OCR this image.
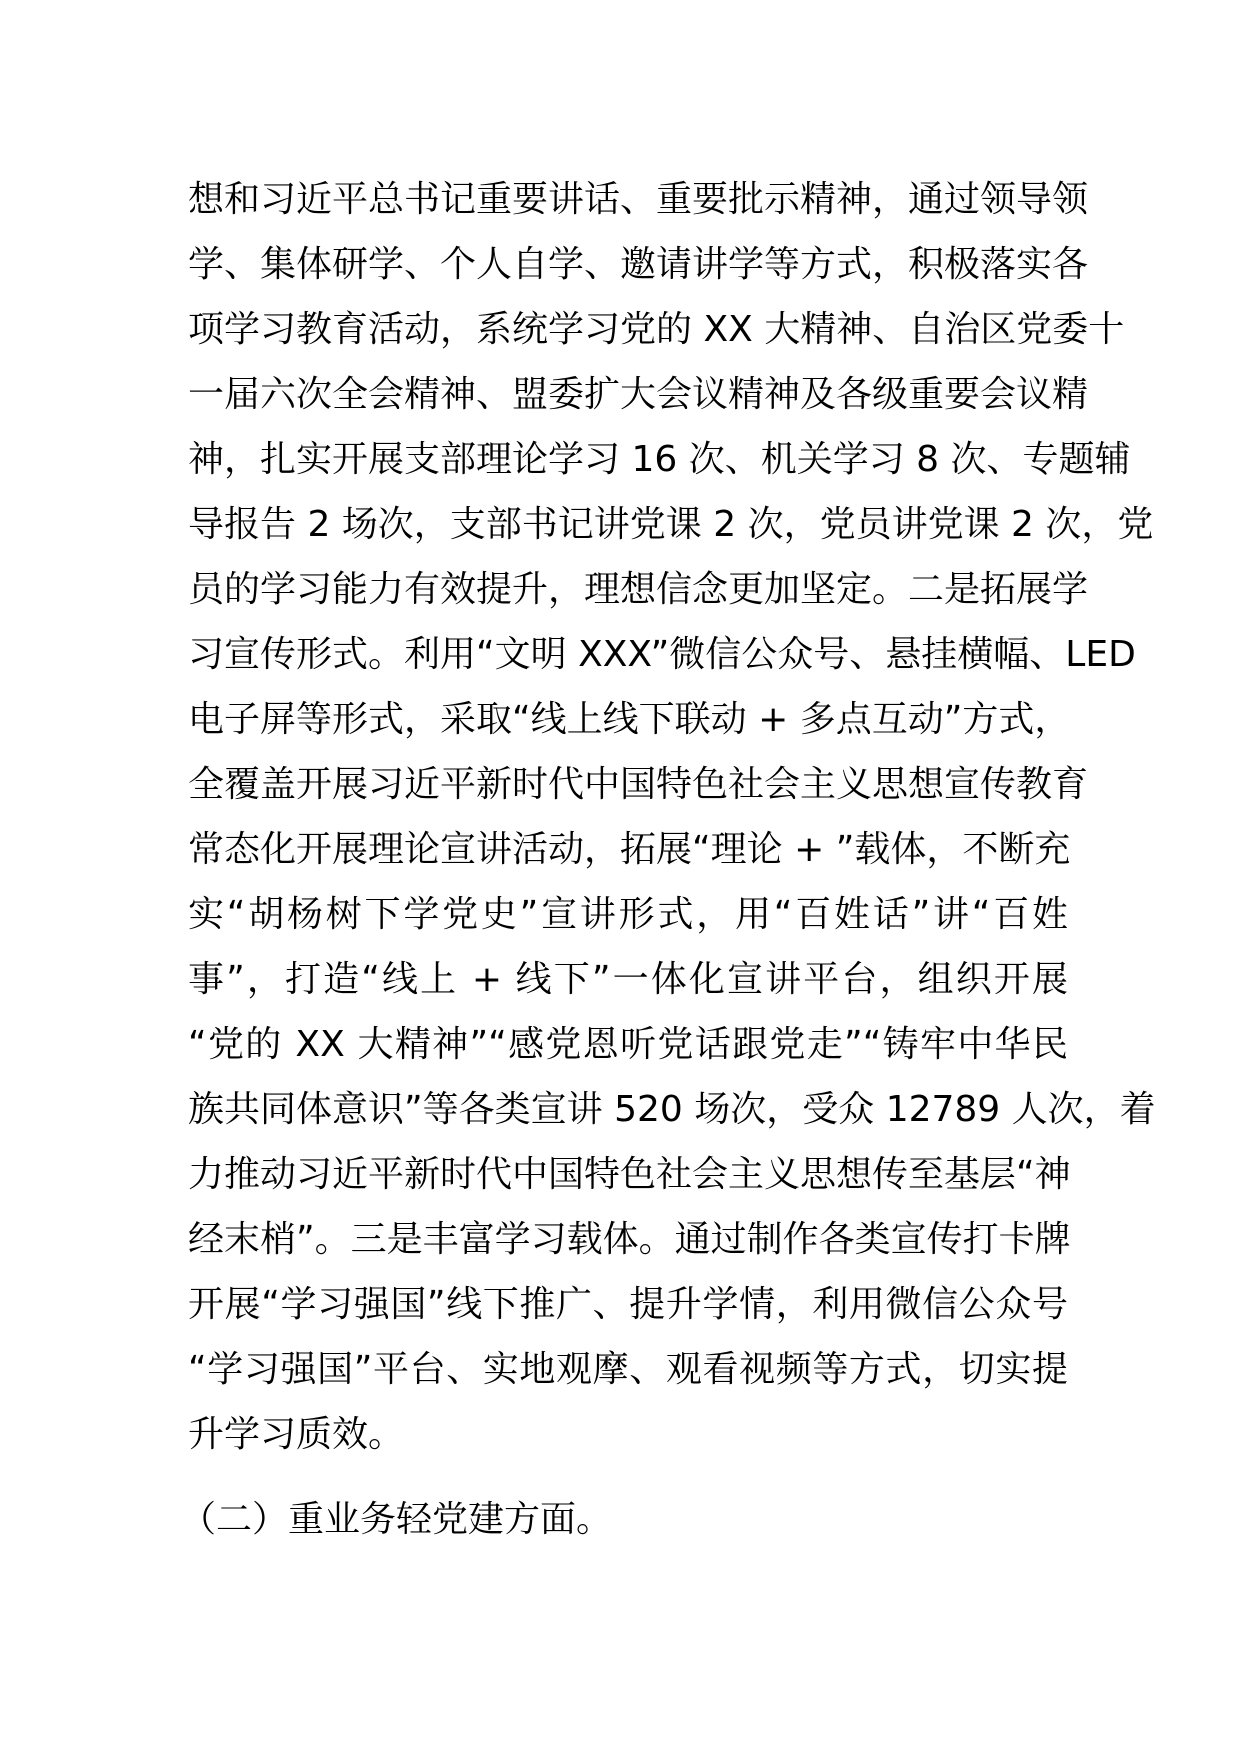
想和习近平总书记重要讲话、重要批示精神，通过领导领
学、集体研学、个人自学、邀请讲学等方式，积极落实各
项学习教育活动，系统学习党的 XX 大精神、自治区党委十
一届六次全会精神、盟委扩大会议精神及各级重要会议精
神，扎实开展支部理论学习 16 次、机关学习 8 次、专题辅
导报告 2 场次，支部书记讲党课 2 次，党员讲党课 2 次，党
员的学习能力有效提升，理想信念更加坚定。二是拓展学
习宣传形式。利用“文明 XXX”微信公众号、悬挂横幅、LED
电子屏等形式，采取“线上线下联动 + 多点互动”方式，
全覆盖开展习近平新时代中国特色社会主义思想宣传教育
常态化开展理论宣讲活动，拓展“理论 + ”载体，不断充
实“胡杨树下学党史”宣讲形式，用“百姓话”讲“百姓
事”，打造“线上 + 线下”一体化宣讲平台，组织开展
“党的 XX 大精神”“感党恩听党话跟党走”“铸牢中华民
族共同体意识”等各类宣讲 520 场次，受众 12789 人次，着
力推动习近平新时代中国特色社会主义思想传至基层“神
经末梢”。三是丰富学习载体。通过制作各类宣传打卡牌
开展“学习强国”线下推广、提升学情，利用微信公众号
“学习强国”平台、实地观摩、观看视频等方式，切实提
升学习质效。
（二）重业务轻党建方面。
